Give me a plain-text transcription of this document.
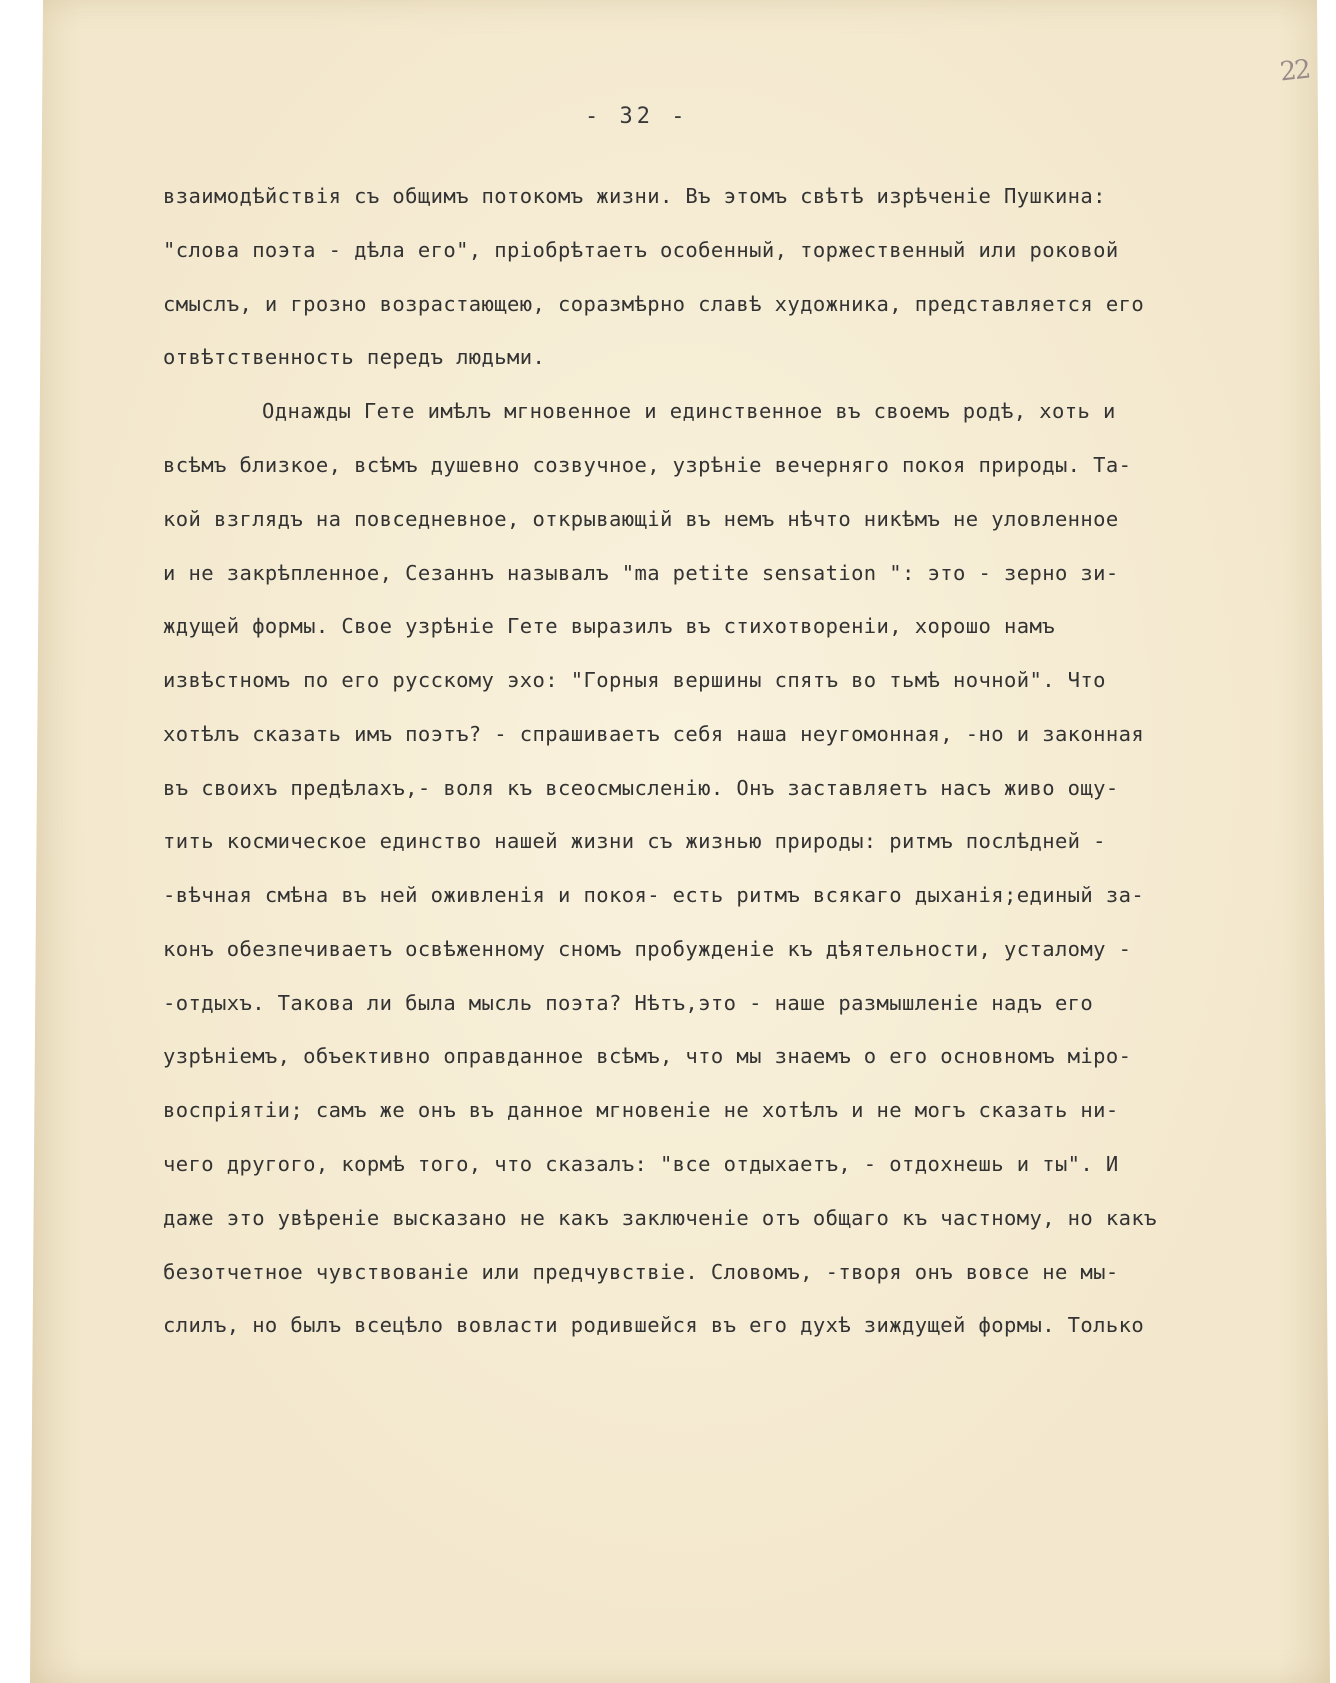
22
- 32 -
взаимодѣйствія съ общимъ потокомъ жизни. Въ этомъ свѣтѣ изрѣченіе Пушкина:
"слова поэта - дѣла его", пріобрѣтаетъ особенный, торжественный или роковой
смыслъ, и грозно возрастающею, соразмѣрно славѣ художника, представляется его
отвѣтственность передъ людьми.
Однажды Гете имѣлъ мгновенное и единственное въ своемъ родѣ, хоть и
всѣмъ близкое, всѣмъ душевно созвучное, узрѣніе вечерняго покоя природы. Та-
кой взглядъ на повседневное, открывающій въ немъ нѣчто никѣмъ не уловленное
и не закрѣпленное, Сезаннъ называлъ "ma petite sensation ": это - зерно зи-
ждущей формы. Свое узрѣніе Гете выразилъ въ стихотвореніи, хорошо намъ
извѣстномъ по его русскому эхо: "Горныя вершины спятъ во тьмѣ ночной". Что
хотѣлъ сказать имъ поэтъ? - спрашиваетъ себя наша неугомонная, -но и законная
въ своихъ предѣлахъ,- воля къ всеосмысленію. Онъ заставляетъ насъ живо ощу-
тить космическое единство нашей жизни съ жизнью природы: ритмъ послѣдней -
-вѣчная смѣна въ ней оживленія и покоя- есть ритмъ всякаго дыханія;единый за-
конъ обезпечиваетъ освѣженному сномъ пробужденіе къ дѣятельности, усталому -
-отдыхъ. Такова ли была мысль поэта? Нѣтъ,это - наше размышленіе надъ его
узрѣніемъ, объективно оправданное всѣмъ, что мы знаемъ о его основномъ міро-
воспріятіи; самъ же онъ въ данное мгновеніе не хотѣлъ и не могъ сказать ни-
чего другого, кормѣ того, что сказалъ: "все отдыхаетъ, - отдохнешь и ты". И
даже это увѣреніе высказано не какъ заключеніе отъ общаго къ частному, но какъ
безотчетное чувствованіе или предчувствіе. Словомъ, -творя онъ вовсе не мы-
слилъ, но былъ всецѣло вовласти родившейся въ его духѣ зиждущей формы. Только
